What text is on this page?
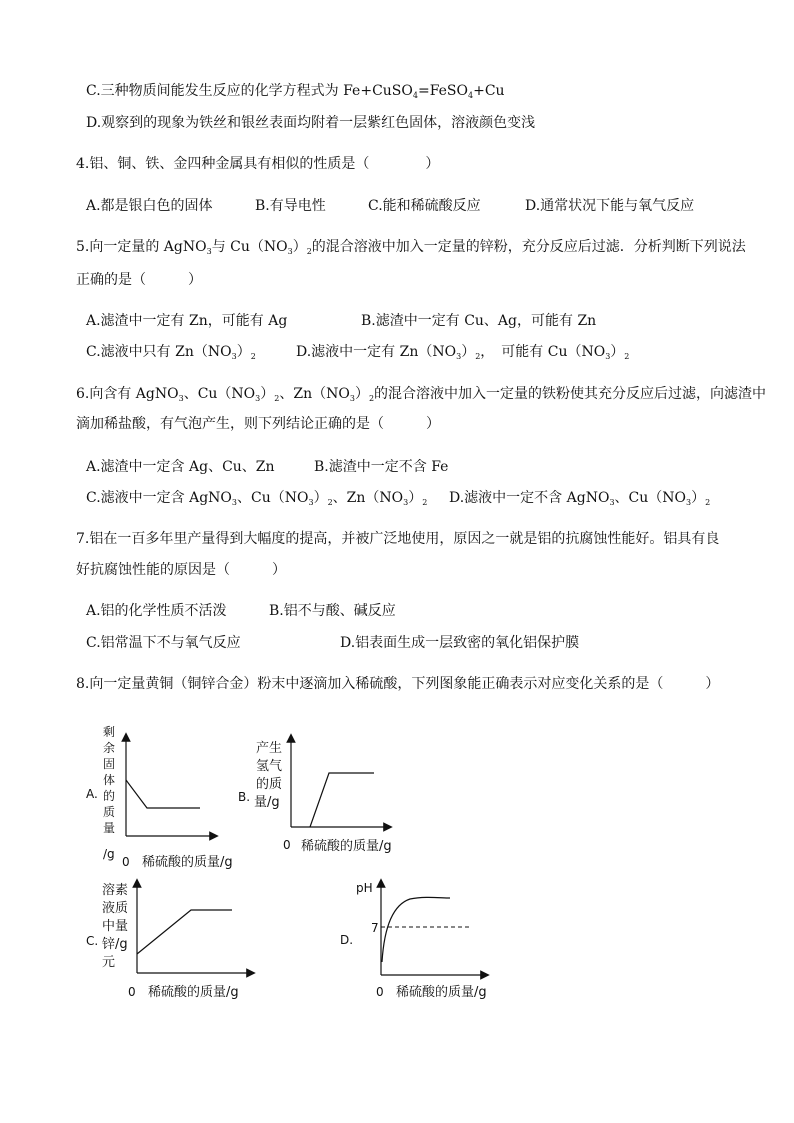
C.三种物质间能发生反应的化学方程式为 Fe+CuSO$_4$=FeSO$_4$+Cu
D.观察到的现象为铁丝和银丝表面均附着一层紫红色固体，溶液颜色变浅
4.铝、铜、铁、金四种金属具有相似的性质是（　　　　）
A.都是银白色的固体	B.有导电性	C.能和稀硫酸反应	D.通常状况下能与氧气反应
5.向一定量的 AgNO$_3$与 $Cu(NO_3)_2$的混合溶液中加入一定量的锌粉，充分反应后过滤．分析判断下列说法
正确的是（　　　）
A.滤渣中一定有 Zn，可能有 Ag	B.滤渣中一定有 Cu、Ag，可能有 Zn
C.滤液中只有 $Zn(NO_3)_2$	D.滤液中一定有 $Zn(NO_3)_2$，　可能有 $Cu(NO_3)_2$
6.向含有 AgNO$_3$、$Cu(NO_3)_2$、$Zn(NO_3)_2$的混合溶液中加入一定量的铁粉使其充分反应后过滤，向滤渣中
滴加稀盐酸，有气泡产生，则下列结论正确的是（　　　）
A.滤渣中一定含 Ag、Cu、Zn	B.滤渣中一定不含 Fe
C.滤液中一定含 AgNO$_3$、$Cu(NO_3)_2$、$Zn(NO_3)_2$ D.滤液中一定不含 AgNO$_3$、$Cu(NO_3)_2$
7.铝在一百多年里产量得到大幅度的提高，并被广泛地使用，原因之一就是铝的抗腐蚀性能好。铝具有良
好抗腐蚀性能的原因是（　　　）
A.铝的化学性质不活泼	B.铝不与酸、碱反应
C.铝常温下不与氧气反应	D.铝表面生成一层致密的氧化铝保护膜
8.向一定量黄铜（铜锌合金）粉末中逐滴加入稀硫酸，下列图象能正确表示对应变化关系的是（　　　）
A.
剩
余
固
体
的
质
量
/g
0 稀硫酸的质量/g
B.
产生
氢气
的质
量/g
0 稀硫酸的质量/g
C.
溶素
液质
中量
锌/g
元
0 稀硫酸的质量/g
D.
pH
7
0 稀硫酸的质量/g
